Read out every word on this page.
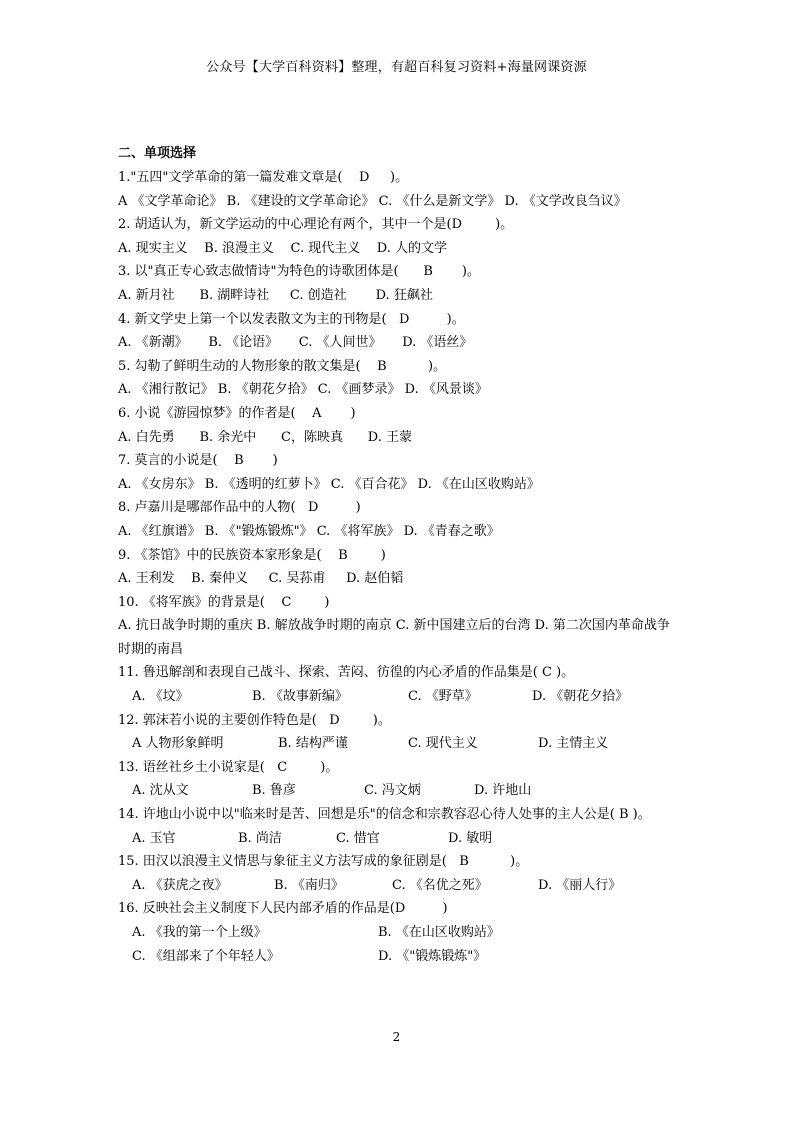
公众号【大学百科资料】整理，有超百科复习资料+海量网课资源
二、单项选择
1."五四"文学革命的第一篇发难文章是(    D     )。
A 《文学革命论》 B. 《建设的文学革命论》 C. 《什么是新文学》 D. 《文学改良刍议》
2. 胡适认为，新文学运动的中心理论有两个，其中一个是(D        )。
A. 现实主义    B. 浪漫主义    C. 现代主义    D. 人的文学
3. 以"真正专心致志做情诗"为特色的诗歌团体是(      B       )。
A. 新月社      B. 湖畔诗社     C. 创造社       D. 狂飙社
4. 新文学史上第一个以发表散文为主的刊物是(   D         )。
A. 《新潮》     B. 《论语》     C. 《人间世》     D. 《语丝》
5. 勾勒了鲜明生动的人物形象的散文集是(    B          )。
A. 《湘行散记》 B. 《朝花夕拾》 C. 《画梦录》 D. 《风景谈》
6. 小说《游园惊梦》的作者是(    A       )
A. 白先勇      B. 余光中      C，陈映真      D. 王蒙
7. 莫言的小说是(    B       )
A. 《女房东》 B. 《透明的红萝卜》 C. 《百合花》 D. 《在山区收购站》
8. 卢嘉川是哪部作品中的人物(   D         )
A. 《红旗谱》 B. 《"锻炼锻炼"》 C. 《将军族》 D. 《青春之歌》
9. 《茶馆》中的民族资本家形象是(    B        )
A. 王利发    B. 秦仲义     C. 吴荪甫     D. 赵伯韬
10. 《将军族》的背景是(    C        )
A. 抗日战争时期的重庆 B. 解放战争时期的南京 C. 新中国建立后的台湾 D. 第二次国内革命战争时期的南昌
11. 鲁迅解剖和表现自己战斗、探索、苦闷、彷徨的内心矛盾的作品集是( C )。

A. 《坟》

	B. 《故事新编》

	C. 《野草》

	D. 《朝花夕拾》

12. 郭沫若小说的主要创作特色是(   D        )。

A 人物形象鲜明

	B. 结构严谨

	C. 现代主义

	D. 主情主义

13. 语丝社乡土小说家是(   C        )。

A. 沈从文

	B. 鲁彦

	C. 冯文炳

	D. 许地山

14. 许地山小说中以"临来时是苦、回想是乐"的信念和宗教容忍心待人处事的主人公是( B )。

A. 玉官

	B. 尚洁

	C. 惜官

	D. 敏明

15. 田汉以浪漫主义情思与象征主义方法写成的象征剧是(   B          )。

A. 《获虎之夜》

	B. 《南归》

	C. 《名优之死》

	D. 《丽人行》

16. 反映社会主义制度下人民内部矛盾的作品是(D         )

A. 《我的第一个上级》

	B. 《在山区收购站》

C. 《组部来了个年轻人》

	D. 《"锻炼锻炼"》

2
